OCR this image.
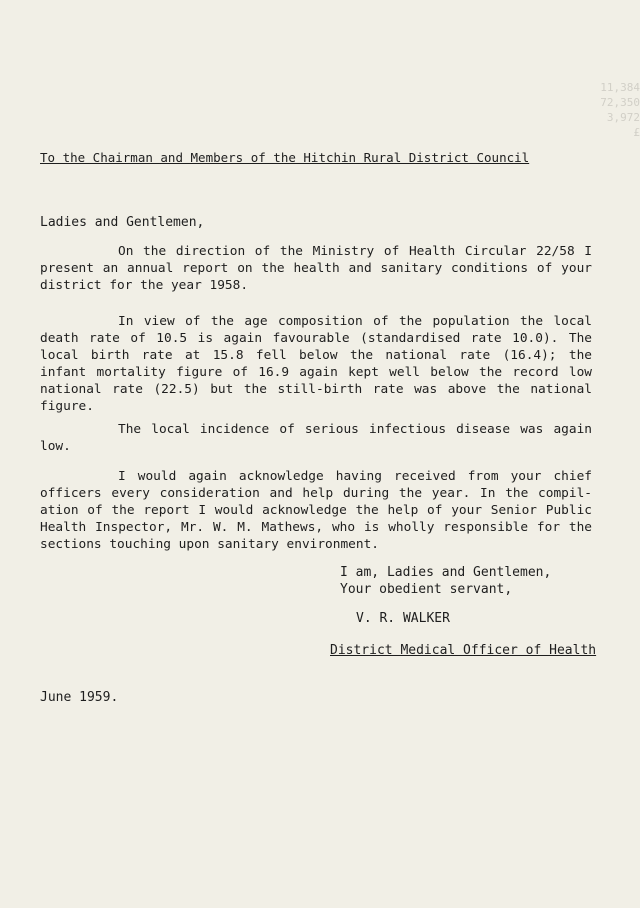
11,384
72,350
3,972
£
To the Chairman and Members of the Hitchin Rural District Council
Ladies and Gentlemen,

On the direction of the Ministry of Health Circular 22/58 I present an annual report on the health and sanitary conditions of your district for the year 1958.

In view of the age composition of the population the local death rate of 10.5 is again favourable (standardised rate 10.0). The local birth rate at 15.8 fell below the national rate (16.4); the infant mortality figure of 16.9 again kept well below the record low national rate (22.5) but the still-birth rate was above the national figure.

The local incidence of serious infectious disease was again low.

I would again acknowledge having received from your chief officers every consideration and help during the year. In the compil- ation of the report I would acknowledge the help of your Senior Public Health Inspector, Mr. W. M. Mathews, who is wholly responsible for the sections touching upon sanitary environment.

I am, Ladies and Gentlemen,
Your obedient servant,
V. R. WALKER
District Medical Officer of Health
June 1959.
